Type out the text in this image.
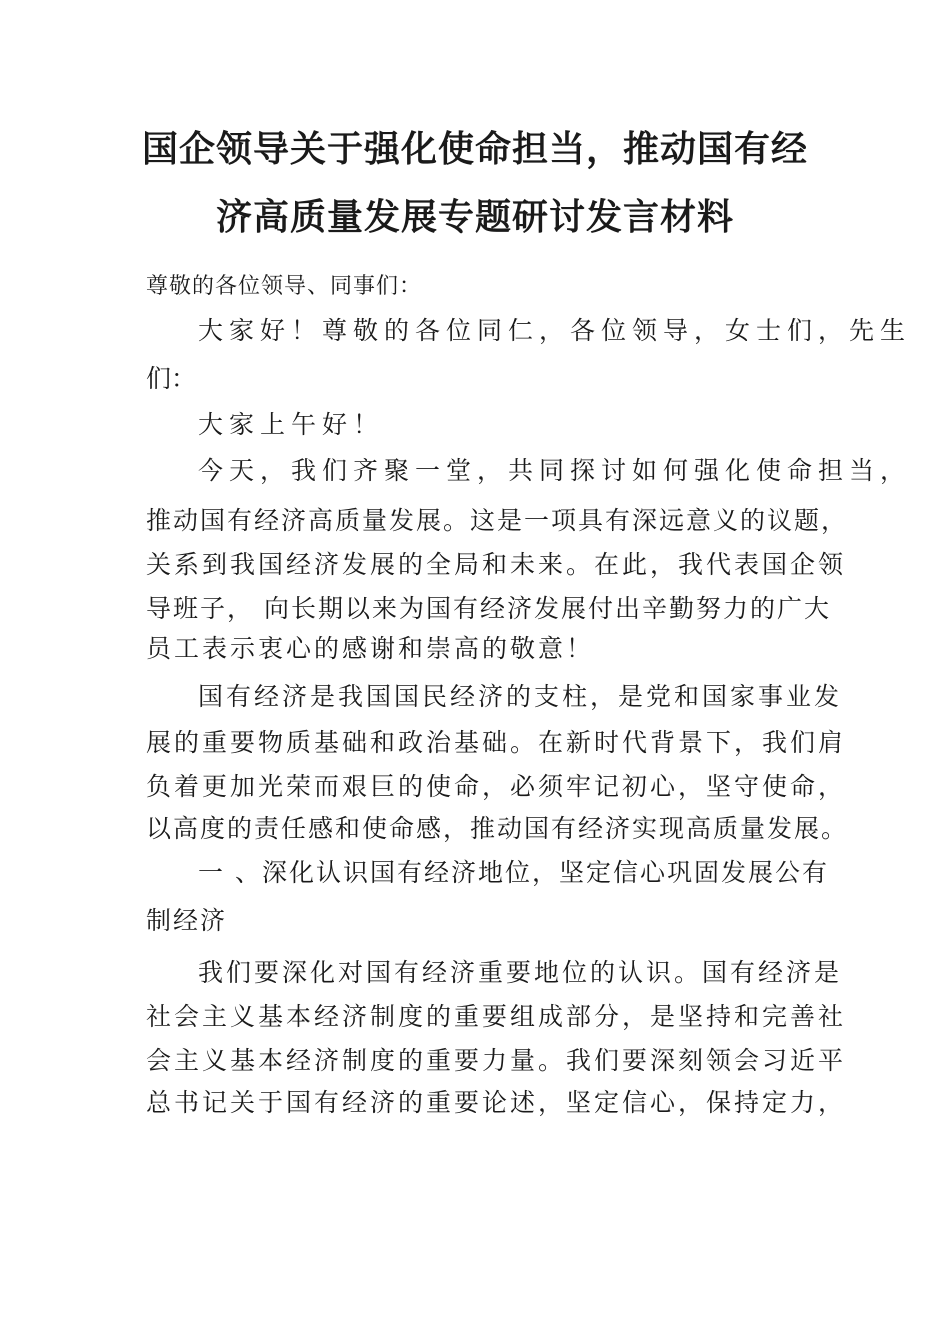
国企领导关于强化使命担当，推动国有经
济高质量发展专题研讨发言材料
尊敬的各位领导、同事们：
大家好！尊敬的各位同仁，各位领导，女士们，先生
们：
大家上午好！
今天，我们齐聚一堂，共同探讨如何强化使命担当，
推动国有经济高质量发展。这是一项具有深远意义的议题，
关系到我国经济发展的全局和未来。在此，我代表国企领
导班子， 向长期以来为国有经济发展付出辛勤努力的广大
员工表示衷心的感谢和崇高的敬意！
国有经济是我国国民经济的支柱，是党和国家事业发
展的重要物质基础和政治基础。在新时代背景下，我们肩
负着更加光荣而艰巨的使命，必须牢记初心，坚守使命，
以高度的责任感和使命感，推动国有经济实现高质量发展。
一 、深化认识国有经济地位，坚定信心巩固发展公有
制经济
我们要深化对国有经济重要地位的认识。国有经济是
社会主义基本经济制度的重要组成部分，是坚持和完善社
会主义基本经济制度的重要力量。我们要深刻领会习近平
总书记关于国有经济的重要论述，坚定信心，保持定力，
